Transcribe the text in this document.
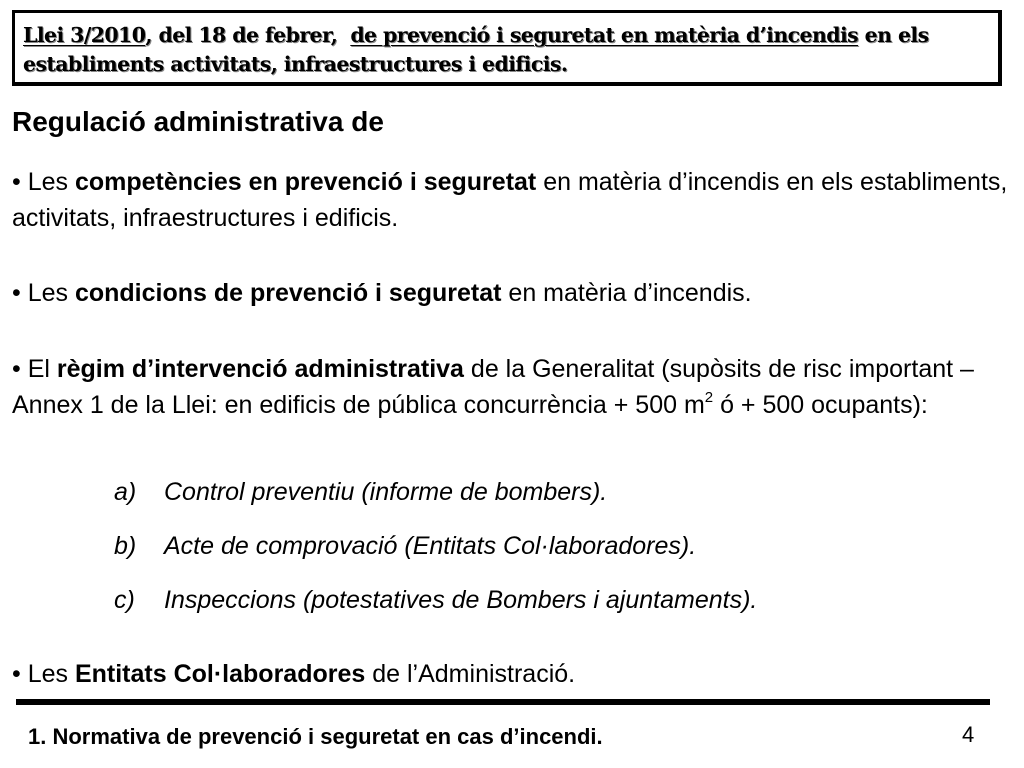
Llei 3/2010, del 18 de febrer,  de prevenció i seguretat en matèria d’incendis en els
establiments activitats, infraestructures i edificis.
Regulació administrativa de
• Les competències en prevenció i seguretat en matèria d’incendis en els establiments, activitats, infraestructures i edificis.
• Les condicions de prevenció i seguretat en matèria d’incendis.
• El règim d’intervenció administrativa de la Generalitat (supòsits de risc important – Annex 1 de la Llei: en edificis de pública concurrència + 500 $m^2$ ó + 500 ocupants):
a) Control preventiu (informe de bombers).
b) Acte de comprovació (Entitats Col·laboradores).
c) Inspeccions (potestatives de Bombers i ajuntaments).
• Les Entitats Col·laboradores de l’Administració.
1. Normativa de prevenció i seguretat en cas d’incendi.	4
